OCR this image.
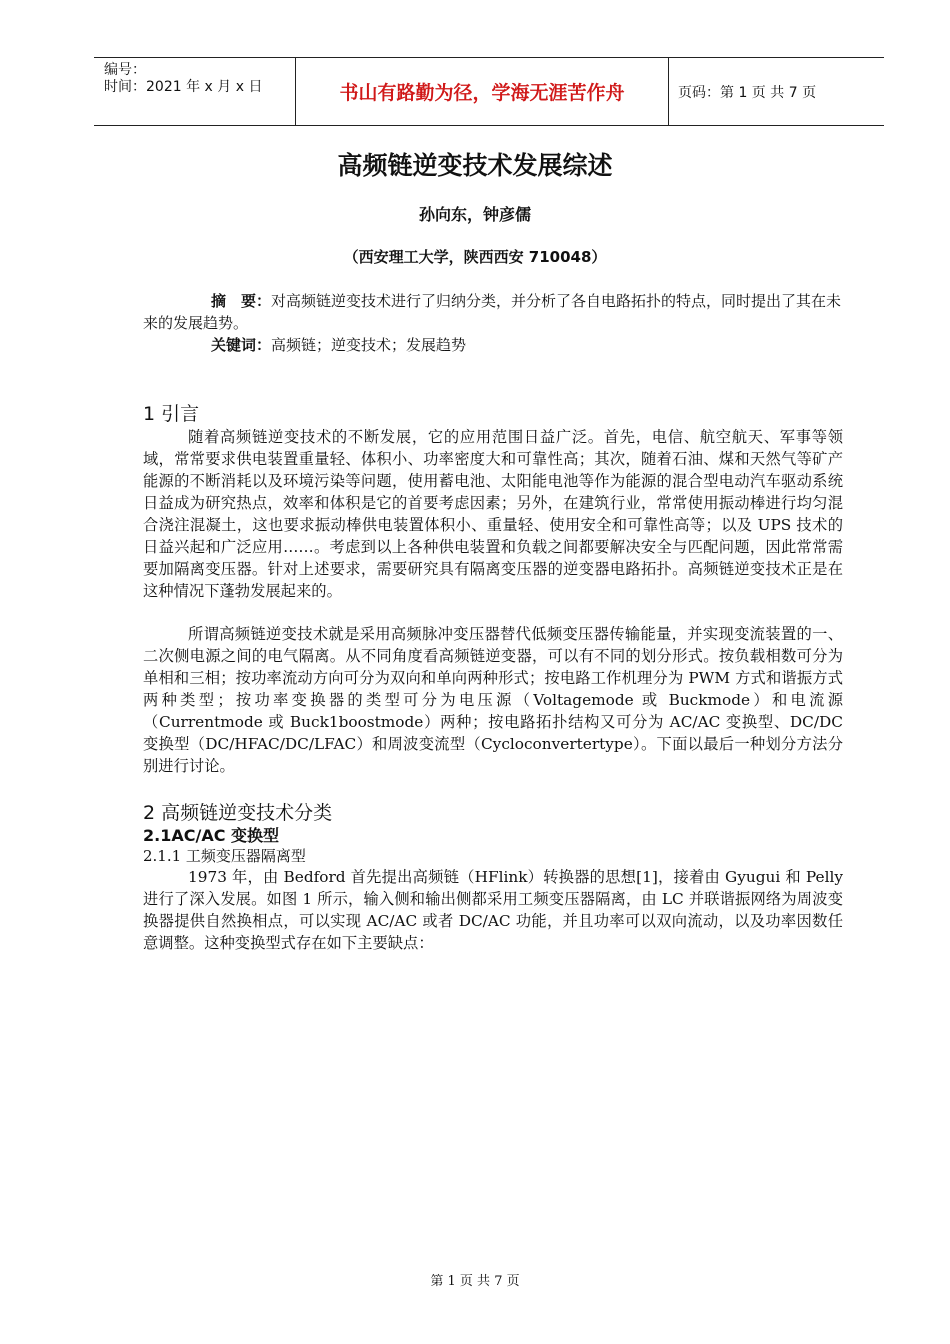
编号：
时间：2021 年 x 月 x 日	书山有路勤为径，学海无涯苦作舟	页码：第 1 页 共 7 页
高频链逆变技术发展综述
孙向东，钟彦儒
（西安理工大学，陕西西安 710048）
摘　要：对高频链逆变技术进行了归纳分类，并分析了各自电路拓扑的特点，同时提出了其在未来的发展趋势。
关键词：高频链；逆变技术；发展趋势
1 引言
随着高频链逆变技术的不断发展，它的应用范围日益广泛。首先，电信、航空航天、军事等领域，常常要求供电装置重量轻、体积小、功率密度大和可靠性高；其次，随着石油、煤和天然气等矿产能源的不断消耗以及环境污染等问题，使用蓄电池、太阳能电池等作为能源的混合型电动汽车驱动系统日益成为研究热点，效率和体积是它的首要考虑因素；另外，在建筑行业，常常使用振动棒进行均匀混合浇注混凝土，这也要求振动棒供电装置体积小、重量轻、使用安全和可靠性高等；以及 UPS 技术的日益兴起和广泛应用……。考虑到以上各种供电装置和负载之间都要解决安全与匹配问题，因此常常需要加隔离变压器。针对上述要求，需要研究具有隔离变压器的逆变器电路拓扑。高频链逆变技术正是在这种情况下蓬勃发展起来的。
所谓高频链逆变技术就是采用高频脉冲变压器替代低频变压器传输能量，并实现变流装置的一、二次侧电源之间的电气隔离。从不同角度看高频链逆变器，可以有不同的划分形式。按负载相数可分为单相和三相；按功率流动方向可分为双向和单向两种形式；按电路工作机理分为 PWM 方式和谐振方式两种类型；按功率变换器的类型可分为电压源（Voltagemode 或 Buckmode）和电流源（Currentmode 或 Buck1boostmode）两种；按电路拓扑结构又可分为 AC/AC 变换型、DC/DC 变换型（DC/HFAC/DC/LFAC）和周波变流型（Cycloconvertertype）。下面以最后一种划分方法分别进行讨论。
2 高频链逆变技术分类
2.1AC/AC 变换型
2.1.1 工频变压器隔离型
1973 年，由 Bedford 首先提出高频链（HFlink）转换器的思想[1]，接着由 Gyugui 和 Pelly 进行了深入发展。如图 1 所示，输入侧和输出侧都采用工频变压器隔离，由 LC 并联谐振网络为周波变换器提供自然换相点，可以实现 AC/AC 或者 DC/AC 功能，并且功率可以双向流动，以及功率因数任意调整。这种变换型式存在如下主要缺点：
第 1 页 共 7 页
